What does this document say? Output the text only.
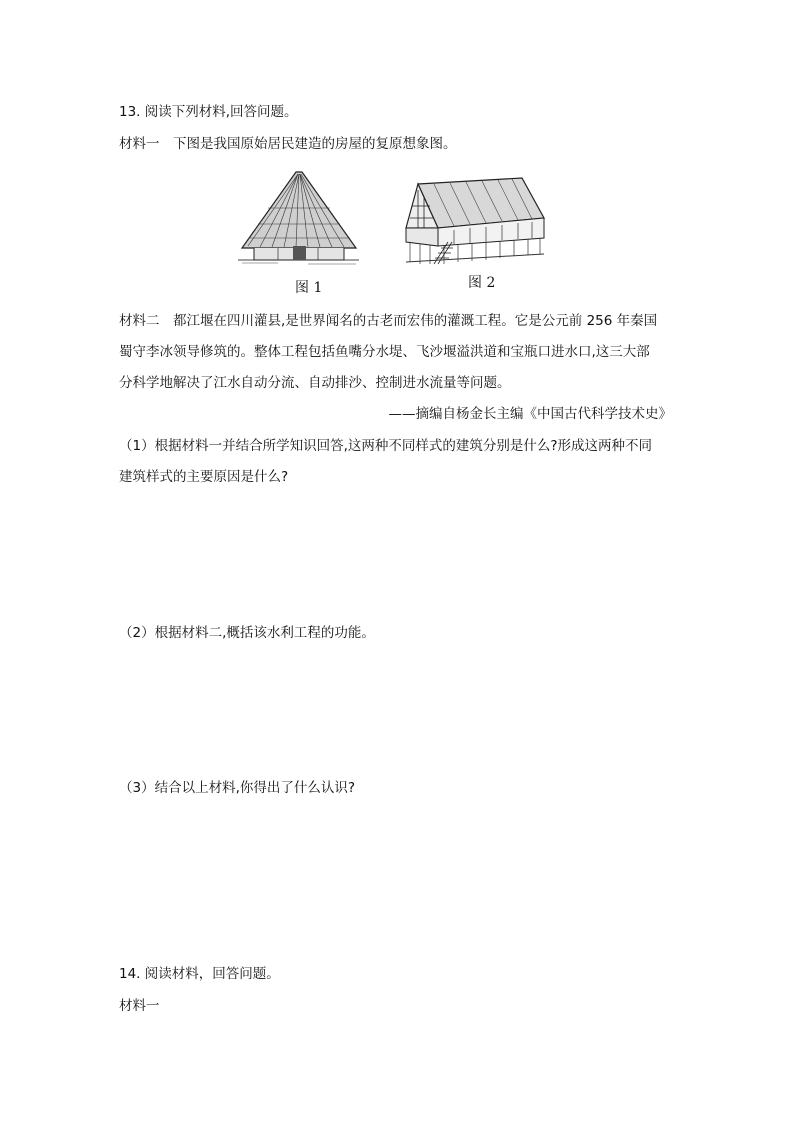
13. 阅读下列材料,回答问题。
材料一　下图是我国原始居民建造的房屋的复原想象图。
图 1	图 2
材料二　都江堰在四川灌县,是世界闻名的古老而宏伟的灌溉工程。它是公元前 256 年秦国
蜀守李冰领导修筑的。整体工程包括鱼嘴分水堤、飞沙堰溢洪道和宝瓶口进水口,这三大部
分科学地解决了江水自动分流、自动排沙、控制进水流量等问题。
——摘编自杨金长主编《中国古代科学技术史》
（1）根据材料一并结合所学知识回答,这两种不同样式的建筑分别是什么?形成这两种不同
建筑样式的主要原因是什么?
（2）根据材料二,概括该水利工程的功能。
（3）结合以上材料,你得出了什么认识?
14. 阅读材料，回答问题。
材料一
